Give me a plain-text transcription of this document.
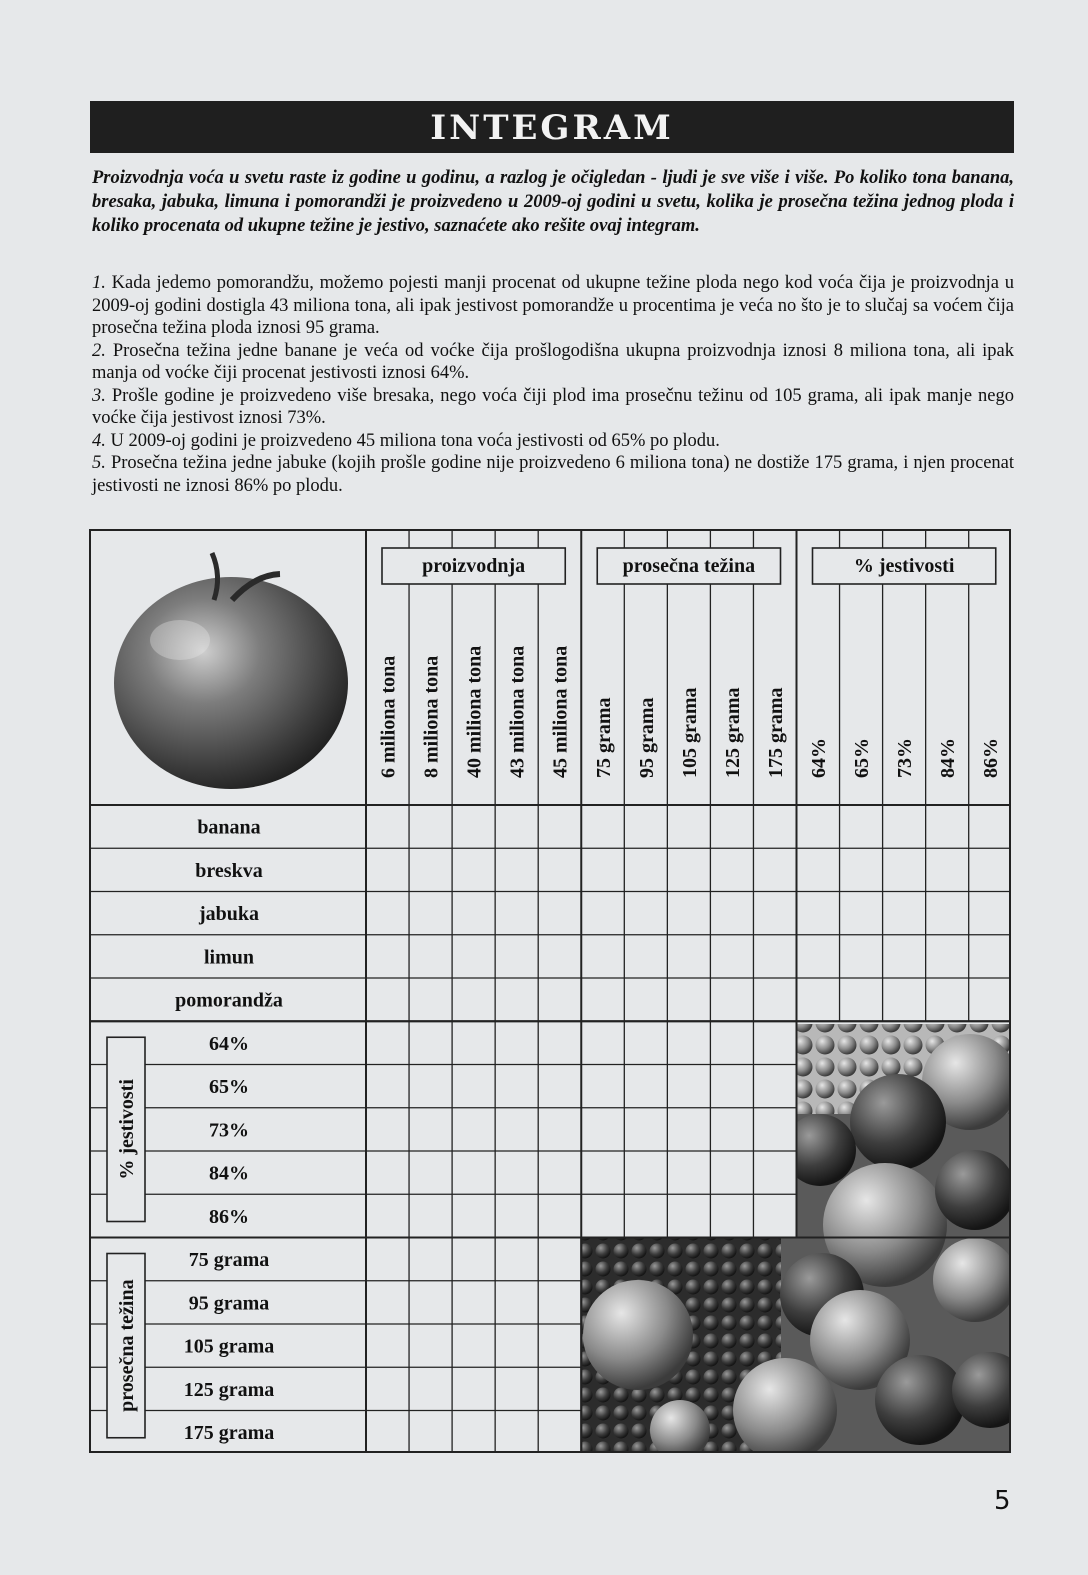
INTEGRAM
Proizvodnja voća u svetu raste iz godine u godinu, a razlog je očigledan - ljudi je sve više i više. Po koliko tona banana, bresaka, jabuka, limuna i pomorandži je proizvedeno u 2009-oj godini u svetu, kolika je prosečna težina jednog ploda i koliko procenata od ukupne težine je jestivo, saznaćete ako rešite ovaj integram.

1. Kada jedemo pomorandžu, možemo pojesti manji procenat od ukupne težine ploda nego kod voća čija je proizvodnja u 2009-oj godini dostigla 43 miliona tona, ali ipak jestivost pomorandže u procentima je veća no što je to slučaj sa voćem čija prosečna težina ploda iznosi 95 grama.

2. Prosečna težina jedne banane je veća od voćke čija prošlogodišna ukupna proizvodnja iznosi 8 miliona tona, ali ipak manja od voćke čiji procenat jestivosti iznosi 64%.

3. Prošle godine je proizvedeno više bresaka, nego voća čiji plod ima prosečnu težinu od 105 grama, ali ipak manje nego voćke čija jestivost iznosi 73%.

4. U 2009-oj godini je proizvedeno 45 miliona tona voća jestivosti od 65% po plodu.

5. Prosečna težina jedne jabuke (kojih prošle godine nije proizvedeno 6 miliona tona) ne dostiže 175 grama, i njen procenat jestivosti ne iznosi 86% po plodu.

proizvodnja	prosečna težina	% jestivosti
6 miliona tona 8 miliona tona 40 miliona tona 43 miliona tona 45 miliona tona 75 grama 95 grama 105 grama 125 grama 175 grama 64% 65% 73% 84% 86%
banana
breskva
jabuka
limun
pomorandža
64%
65%
73%
84%
86%
75 grama
95 grama
105 grama
125 grama
175 grama
% jestivosti
prosečna težina
5
